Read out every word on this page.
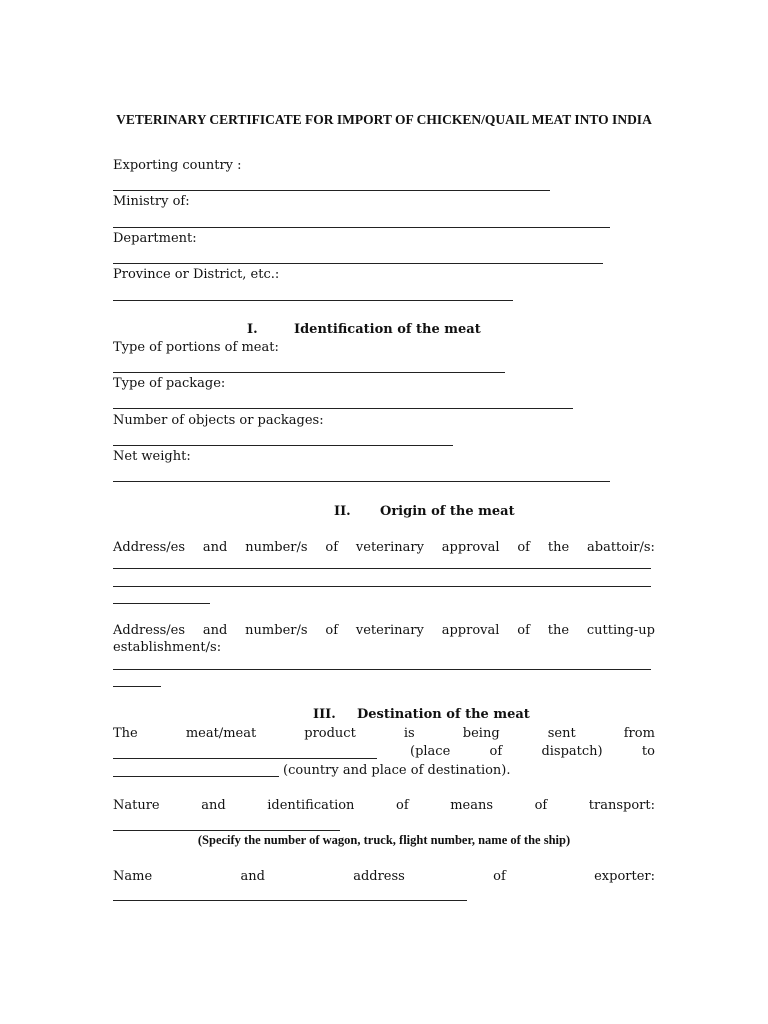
VETERINARY CERTIFICATE FOR IMPORT OF CHICKEN/QUAIL MEAT INTO INDIA
Exporting country :
Ministry of:
Department:
Province or District, etc.:
I.	Identification of the meat
Type of portions of meat:
Type of package:
Number of objects or packages:
Net weight:
II. Origin of the meat
Address/es and number/s of veterinary approval of the abattoir/s:
Address/es and number/s of veterinary approval of the cutting-up
establishment/s:
III. Destination of the meat
The	meat/meat	product	is	being	sent	from
(place	of	dispatch)	to
(country and place of destination).
Nature	and	identification	of	means	of	transport:
(Specify the number of wagon, truck, flight number, name of the ship)
Name	and	address	of	exporter:
